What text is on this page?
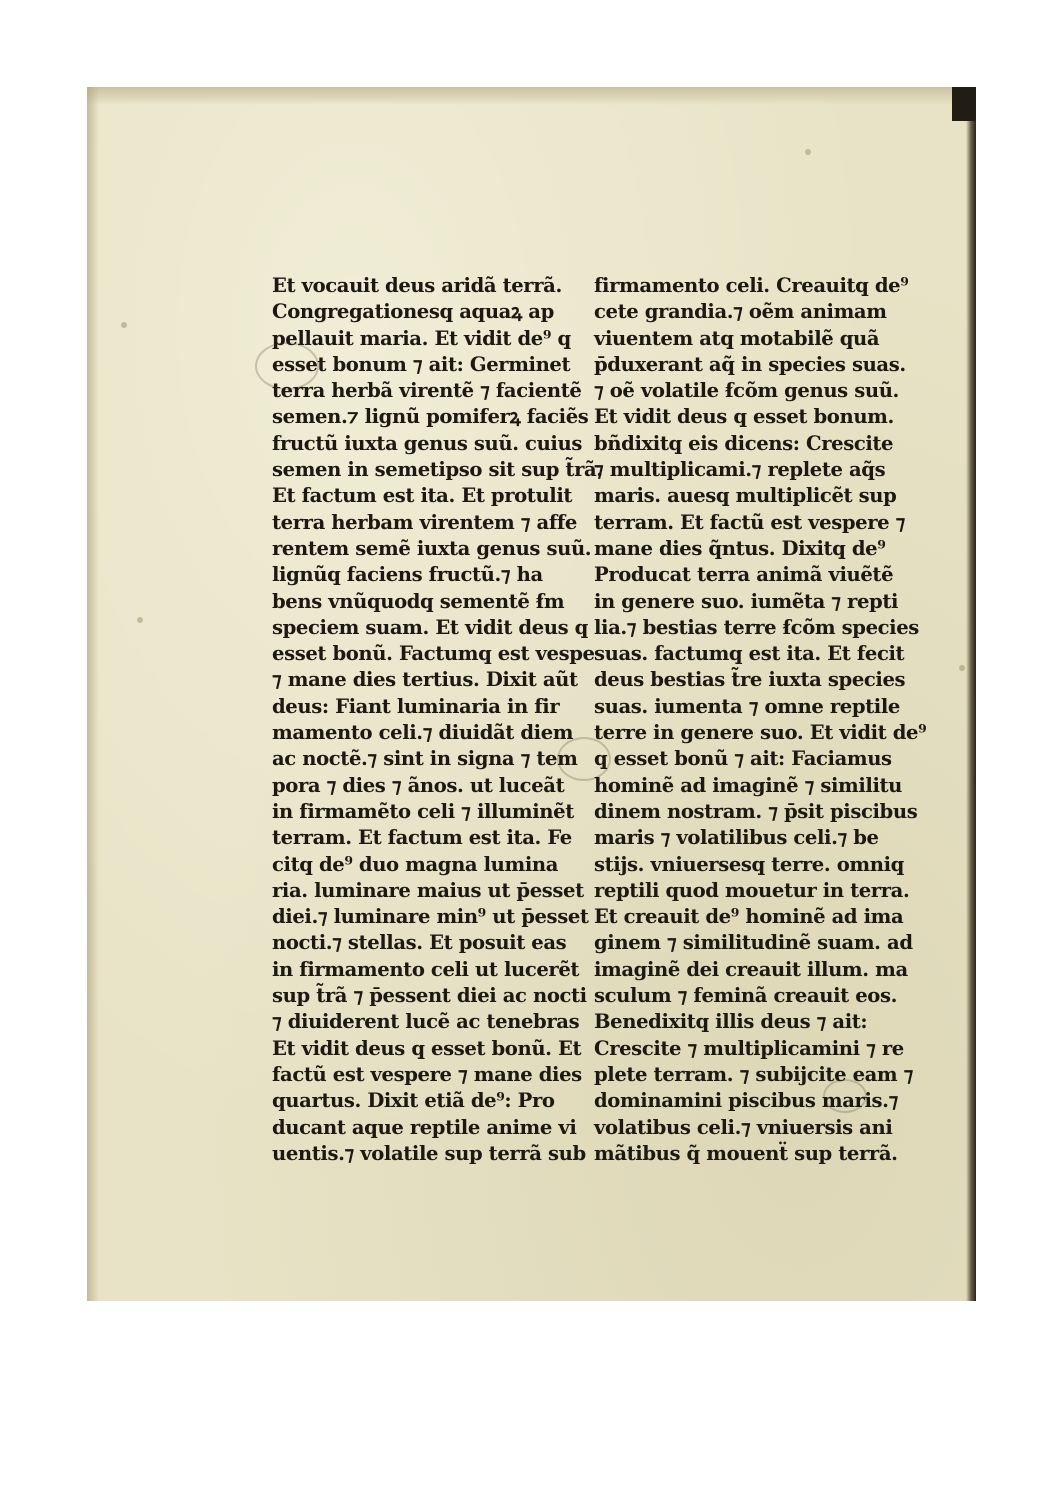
Et vocauit deus aridã terrã.
Congregationesq̧ aquaꝝ ap
pellauit maria. Et vidit de⁹ q̧
esset bonum ⁊ ait: Germinet
terra herbã virentẽ ⁊ facientẽ
semen.⁊ lignũ pomiferꝝ faciẽs
fructũ iuxta genus suũ. cuius
semen in semetipso sit sup t̃rã.
Et factum est ita. Et protulit
terra herbam virentem ⁊ affe
rentem semẽ iuxta genus suũ.
lignũq̧ faciens fructũ.⁊ ha
bens vnũquodq̧ sementẽ ẜm
speciem suam. Et vidit deus q̧
esset bonũ. Factumq̧ est vespe
⁊ mane dies tertius. Dixit aũt
deus: Fiant luminaria in fir
mamento celi.⁊ diuidãt diem
ac noctẽ.⁊ sint in signa ⁊ tem
pora ⁊ dies ⁊ ãnos. ut luceãt
in firmamẽto celi ⁊ illuminẽt
terram. Et factum est ita. Fe
citq̧ de⁹ duo magna lumina
ria. luminare maius ut p̄esset
diei.⁊ luminare min⁹ ut p̄esset
nocti.⁊ stellas. Et posuit eas
in firmamento celi ut lucerẽt
sup t̃rã ⁊ p̄essent diei ac nocti
⁊ diuiderent lucẽ ac tenebras
Et vidit deus q̧ esset bonũ. Et
factũ est vespere ⁊ mane dies
quartus. Dixit etiã de⁹: Pro
ducant aque reptile anime vi
uentis.⁊ volatile sup terrã sub
firmamento celi. Creauitq̧ de⁹
cete grandia.⁊ oẽm animam
viuentem atq̧ motabilẽ quã
p̄duxerant aq̃ in species suas.
⁊ oẽ volatile ẜcõm genus suũ.
Et vidit deus q̧ esset bonum.
bñdixitq̧ eis dicens: Crescite
⁊ multiplicami.⁊ replete aq̃s
maris. auesq̧ multiplicẽt sup
terram. Et factũ est vespere ⁊
mane dies q̃ntus. Dixitq̧ de⁹
Producat terra animã viuẽtẽ
in genere suo. iumẽta ⁊ repti
lia.⁊ bestias terre ẜcõm species
suas. factumq̧ est ita. Et fecit
deus bestias t̃re iuxta species
suas. iumenta ⁊ omne reptile
terre in genere suo. Et vidit de⁹
q̧ esset bonũ ⁊ ait: Faciamus
hominẽ ad imaginẽ ⁊ similitu
dinem nostram. ⁊ p̄sit piscibus
maris ⁊ volatilibus celi.⁊ be
stijs. vniuersesq̧ terre. omniq̧
reptili quod mouetur in terra.
Et creauit de⁹ hominẽ ad ima
ginem ⁊ similitudinẽ suam. ad
imaginẽ dei creauit illum. ma
sculum ⁊ feminã creauit eos.
Benedixitq̧ illis deus ⁊ ait:
Crescite ⁊ multiplicamini ⁊ re
plete terram. ⁊ subijcite eam ⁊
dominamini piscibus maris.⁊
volatibus celi.⁊ vniuersis ani
mãtibus q̃ mouenẗ sup terrã.
